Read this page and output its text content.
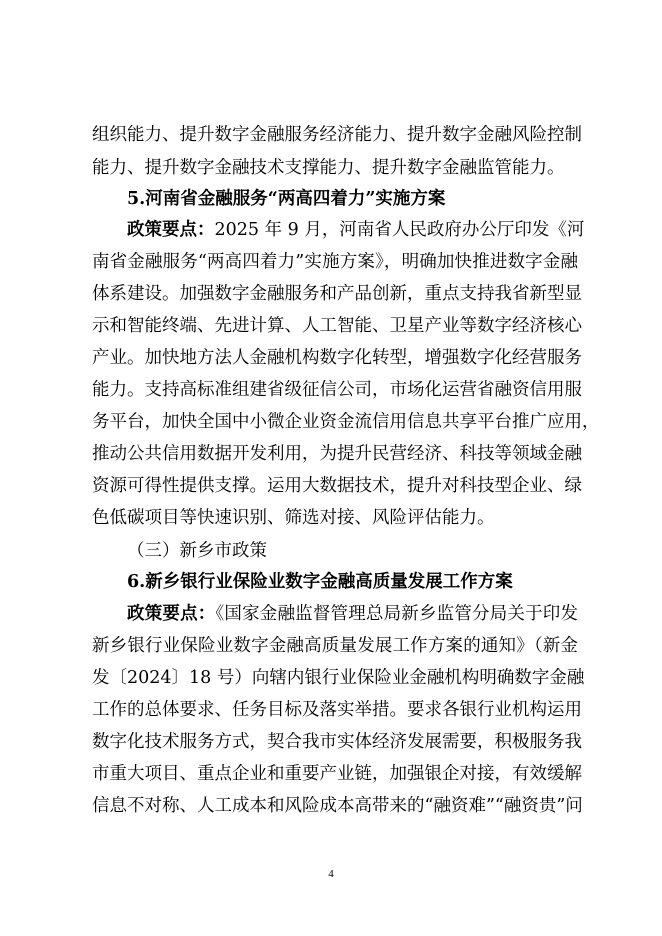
组织能力、提升数字金融服务经济能力、提升数字金融风险控制
能力、提升数字金融技术支撑能力、提升数字金融监管能力。
5.河南省金融服务“两高四着力”实施方案
政策要点：2025 年 9 月，河南省人民政府办公厅印发《河
南省金融服务“两高四着力”实施方案》，明确加快推进数字金融
体系建设。加强数字金融服务和产品创新，重点支持我省新型显
示和智能终端、先进计算、人工智能、卫星产业等数字经济核心
产业。加快地方法人金融机构数字化转型，增强数字化经营服务
能力。支持高标准组建省级征信公司，市场化运营省融资信用服
务平台，加快全国中小微企业资金流信用信息共享平台推广应用，
推动公共信用数据开发利用，为提升民营经济、科技等领域金融
资源可得性提供支撑。运用大数据技术，提升对科技型企业、绿
色低碳项目等快速识别、筛选对接、风险评估能力。
（三）新乡市政策
6.新乡银行业保险业数字金融高质量发展工作方案
政策要点：《国家金融监督管理总局新乡监管分局关于印发
新乡银行业保险业数字金融高质量发展工作方案的通知》（新金
发〔2024〕18 号）向辖内银行业保险业金融机构明确数字金融
工作的总体要求、任务目标及落实举措。要求各银行业机构运用
数字化技术服务方式，契合我市实体经济发展需要，积极服务我
市重大项目、重点企业和重要产业链，加强银企对接，有效缓解
信息不对称、人工成本和风险成本高带来的“融资难”“融资贵”问
4
